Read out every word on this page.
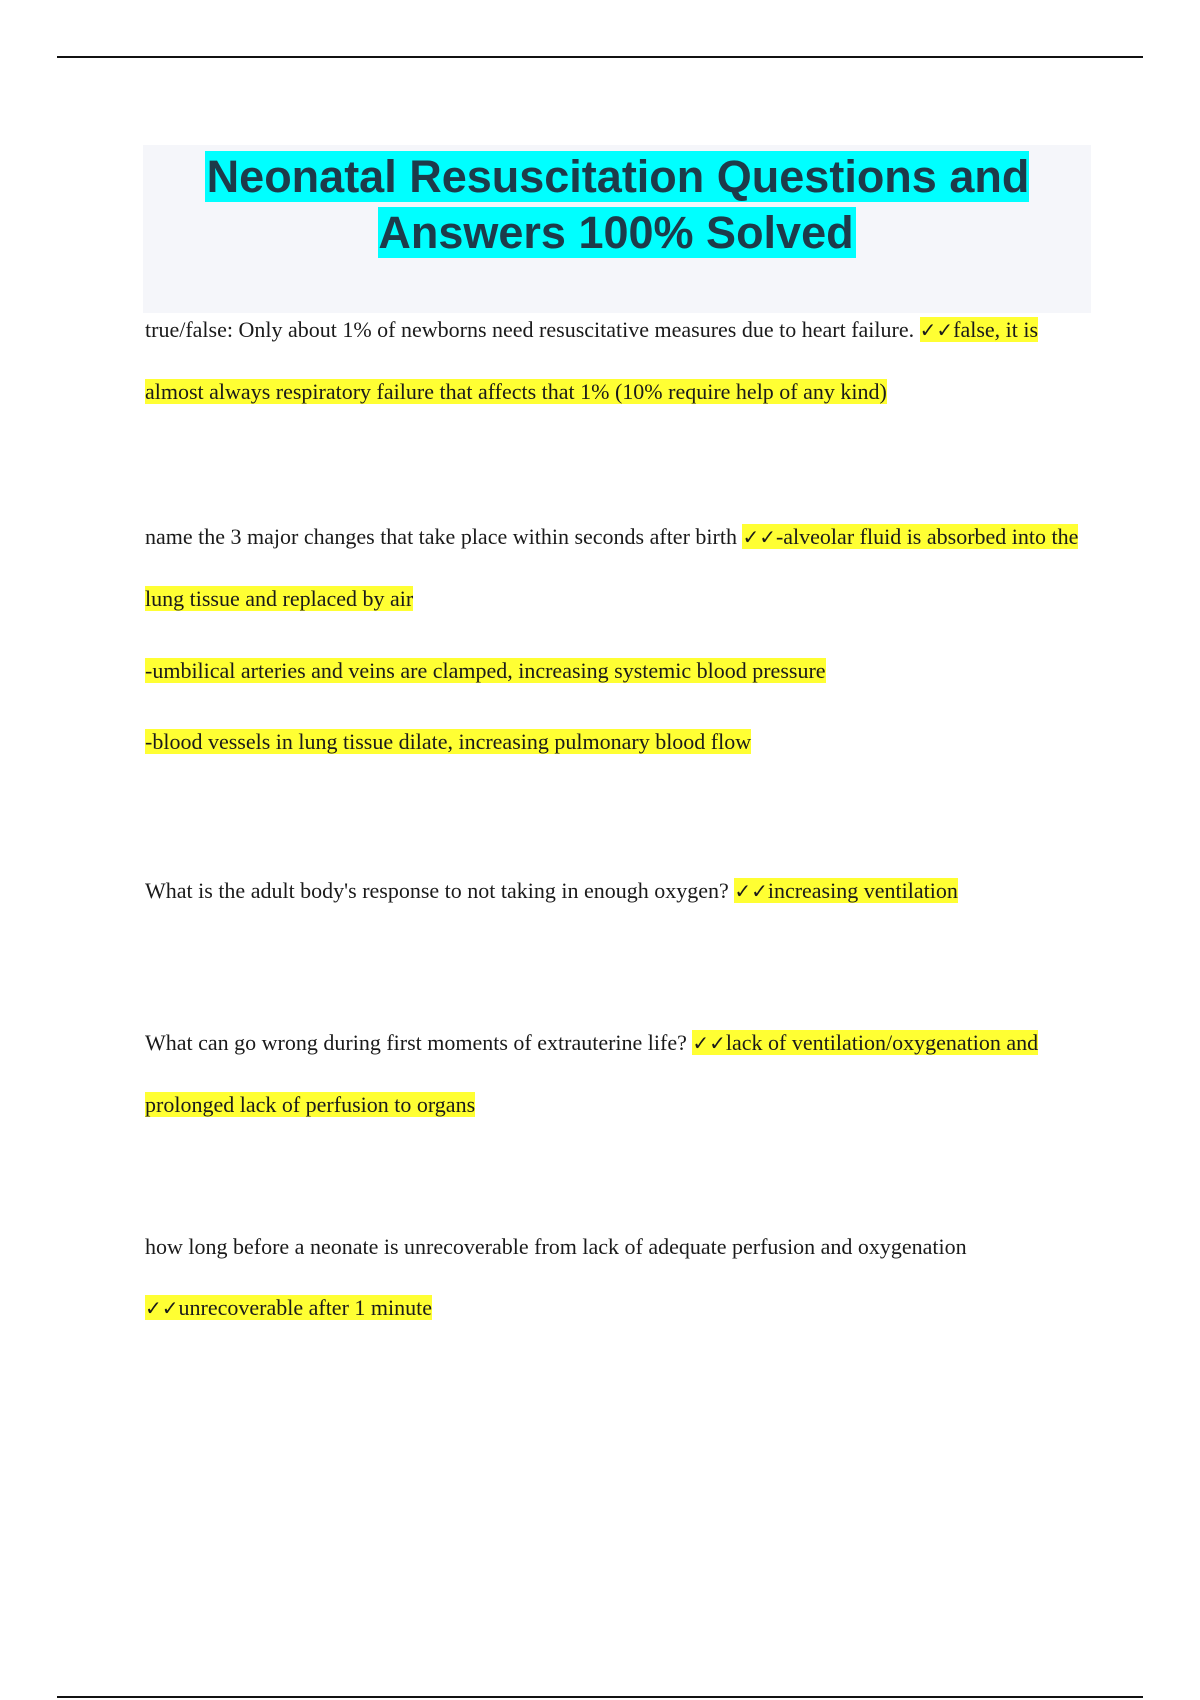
Neonatal Resuscitation Questions and Answers 100% Solved

true/false: Only about 1% of newborns need resuscitative measures due to heart failure. ✓✓false, it is almost always respiratory failure that affects that 1% (10% require help of any kind)

name the 3 major changes that take place within seconds after birth ✓✓-alveolar fluid is absorbed into the lung tissue and replaced by air
-umbilical arteries and veins are clamped, increasing systemic blood pressure
-blood vessels in lung tissue dilate, increasing pulmonary blood flow

What is the adult body's response to not taking in enough oxygen? ✓✓increasing ventilation

What can go wrong during first moments of extrauterine life? ✓✓lack of ventilation/oxygenation and prolonged lack of perfusion to organs

how long before a neonate is unrecoverable from lack of adequate perfusion and oxygenation ✓✓unrecoverable after 1 minute
